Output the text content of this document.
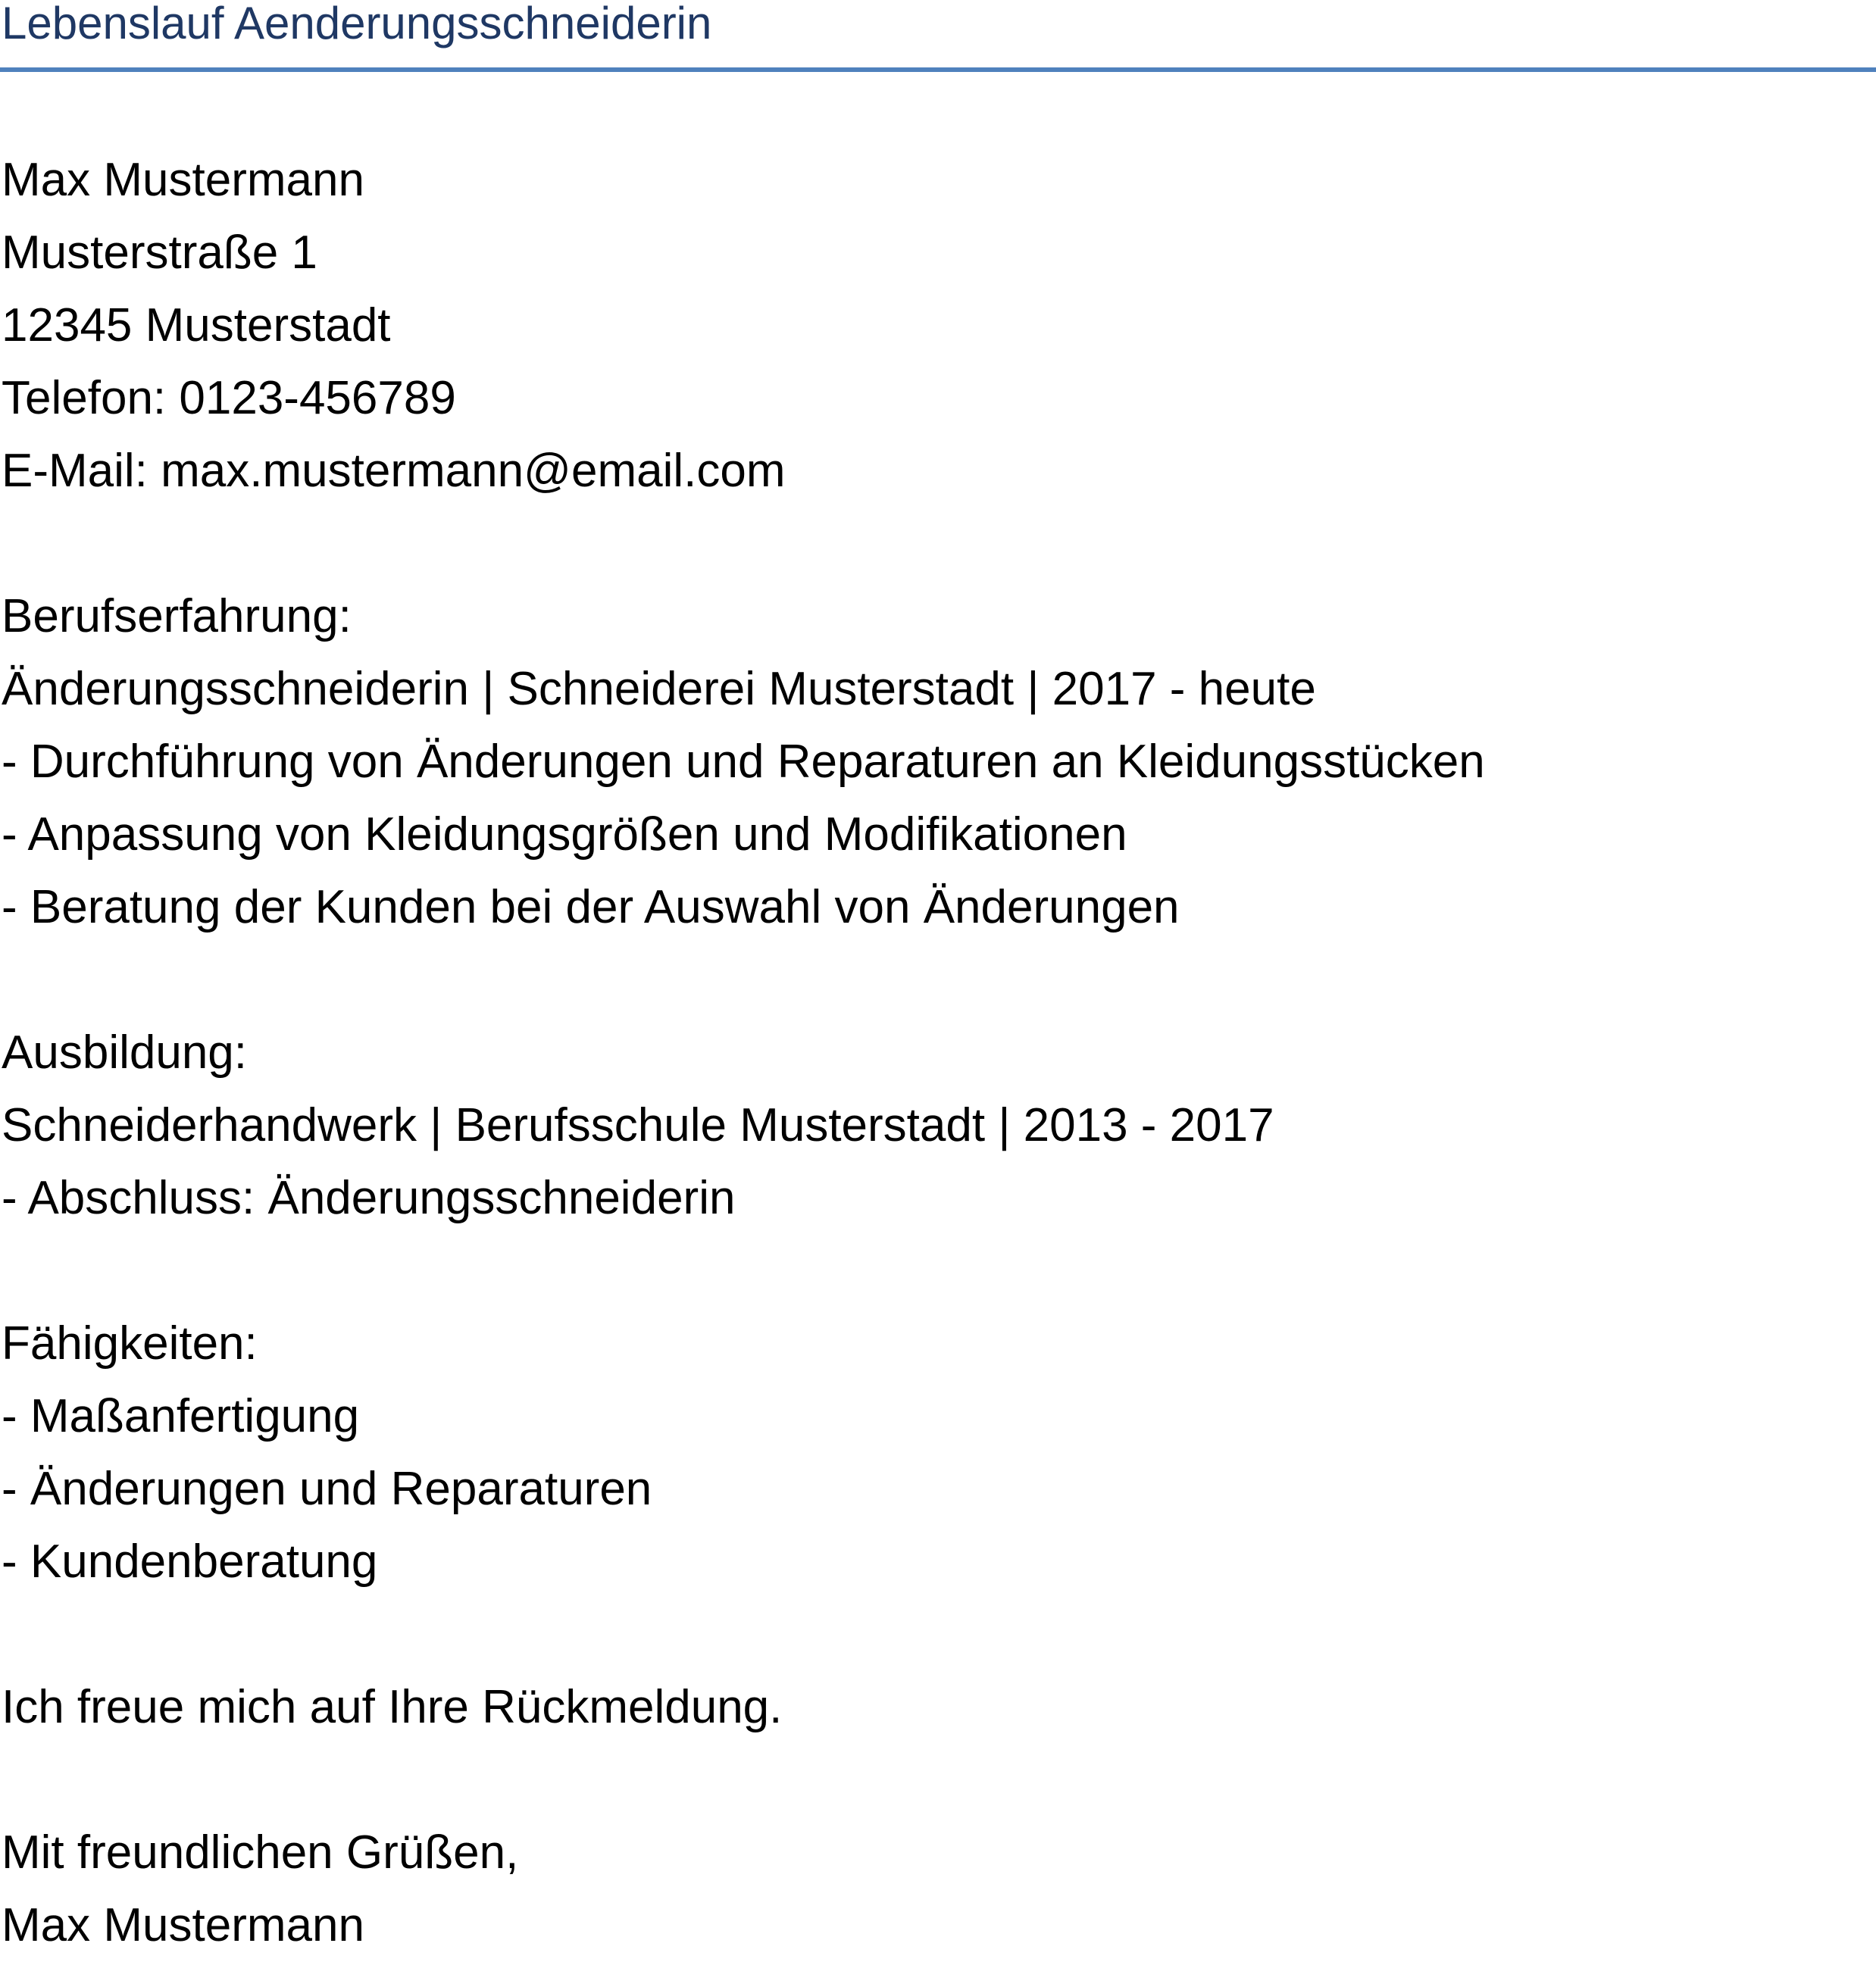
Lebenslauf Aenderungsschneiderin
Max Mustermann
Musterstraße 1
12345 Musterstadt
Telefon: 0123-456789
E-Mail: max.mustermann@email.com
Berufserfahrung:
Änderungsschneiderin | Schneiderei Musterstadt | 2017 - heute
- Durchführung von Änderungen und Reparaturen an Kleidungsstücken
- Anpassung von Kleidungsgrößen und Modifikationen
- Beratung der Kunden bei der Auswahl von Änderungen
Ausbildung:
Schneiderhandwerk | Berufsschule Musterstadt | 2013 - 2017
- Abschluss: Änderungsschneiderin
Fähigkeiten:
- Maßanfertigung
- Änderungen und Reparaturen
- Kundenberatung
Ich freue mich auf Ihre Rückmeldung.
Mit freundlichen Grüßen,
Max Mustermann
